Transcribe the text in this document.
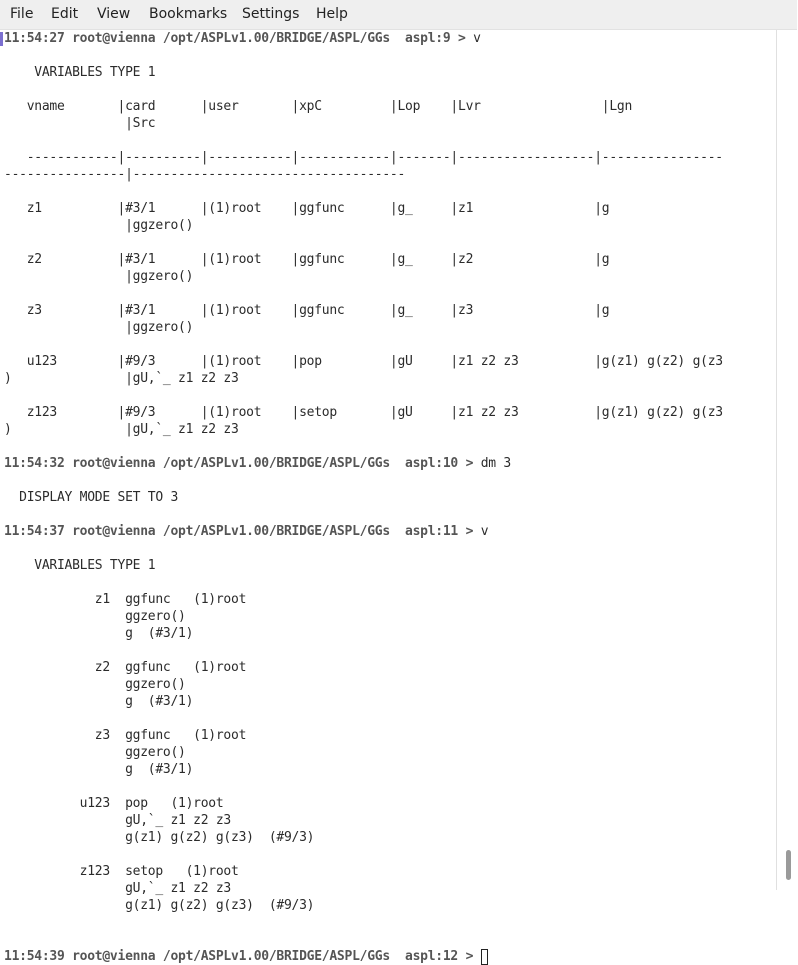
File Edit View Bookmarks Settings Help
11:54:27 root@vienna /opt/ASPLv1.00/BRIDGE/ASPL/GGs  aspl:9 > v
VARIABLES TYPE 1
vname       |card      |user       |xpC         |Lop    |Lvr                |Lgn
|Src
------------|----------|-----------|------------|-------|------------------|----------------
----------------|------------------------------------
z1          |#3/1      |(1)root    |ggfunc      |g_     |z1                |g
|ggzero()
z2          |#3/1      |(1)root    |ggfunc      |g_     |z2                |g
|ggzero()
z3          |#3/1      |(1)root    |ggfunc      |g_     |z3                |g
|ggzero()
u123        |#9/3      |(1)root    |pop         |gU     |z1 z2 z3          |g(z1) g(z2) g(z3
)               |gU,`_ z1 z2 z3
z123        |#9/3      |(1)root    |setop       |gU     |z1 z2 z3          |g(z1) g(z2) g(z3
)               |gU,`_ z1 z2 z3
11:54:32 root@vienna /opt/ASPLv1.00/BRIDGE/ASPL/GGs  aspl:10 > dm 3
DISPLAY MODE SET TO 3
11:54:37 root@vienna /opt/ASPLv1.00/BRIDGE/ASPL/GGs  aspl:11 > v
VARIABLES TYPE 1
z1  ggfunc   (1)root
ggzero()
g  (#3/1)
z2  ggfunc   (1)root
ggzero()
g  (#3/1)
z3  ggfunc   (1)root
ggzero()
g  (#3/1)
u123  pop   (1)root
gU,`_ z1 z2 z3
g(z1) g(z2) g(z3)  (#9/3)
z123  setop   (1)root
gU,`_ z1 z2 z3
g(z1) g(z2) g(z3)  (#9/3)
11:54:39 root@vienna /opt/ASPLv1.00/BRIDGE/ASPL/GGs  aspl:12 >
